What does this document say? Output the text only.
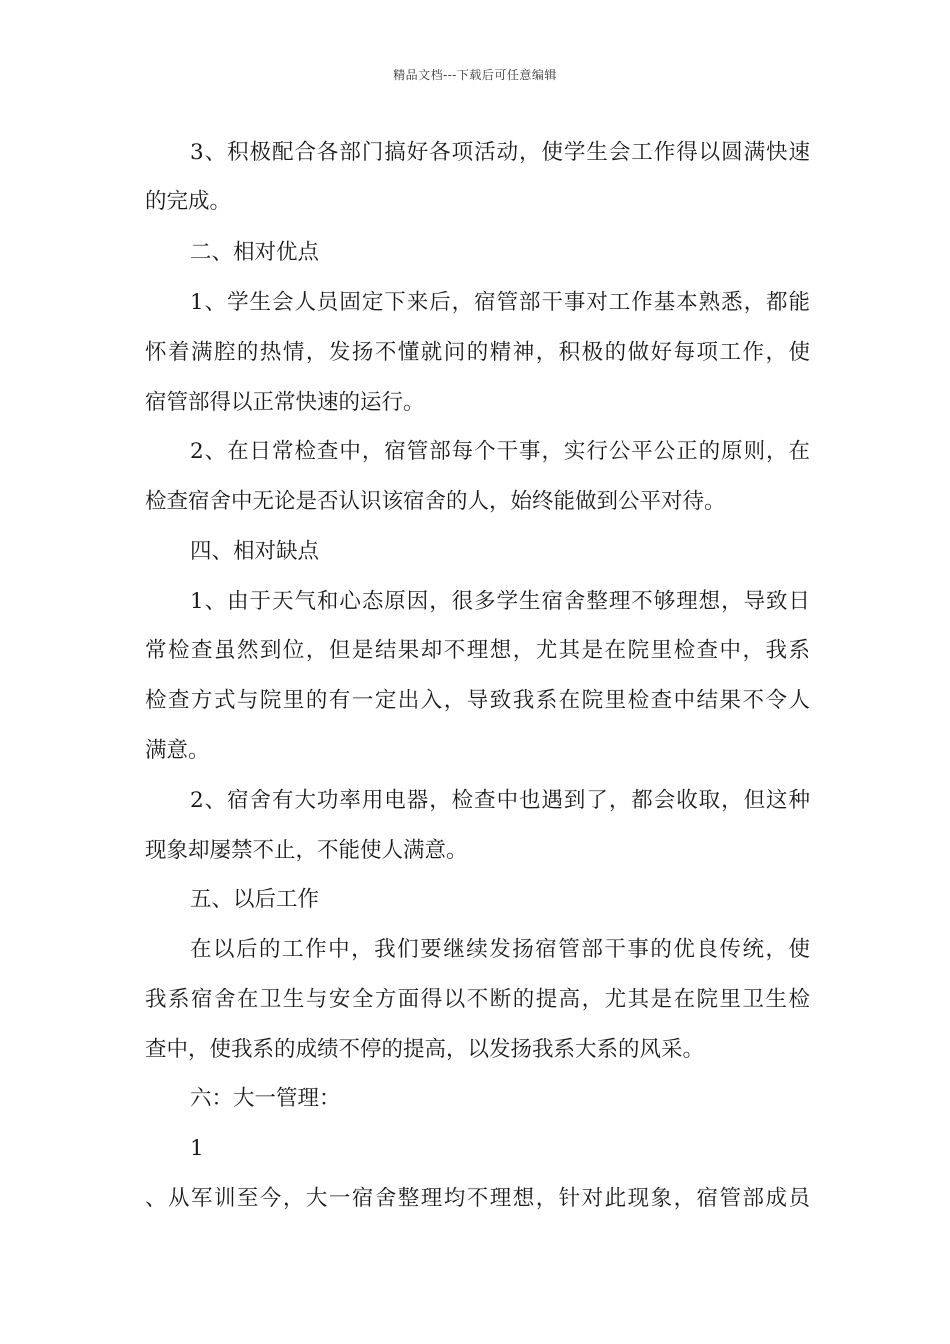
精品文档---下载后可任意编辑
3、积极配合各部门搞好各项活动，使学生会工作得以圆满快速
的完成。
二、相对优点
1、学生会人员固定下来后，宿管部干事对工作基本熟悉，都能
怀着满腔的热情，发扬不懂就问的精神，积极的做好每项工作，使
宿管部得以正常快速的运行。
2、在日常检查中，宿管部每个干事，实行公平公正的原则，在
检查宿舍中无论是否认识该宿舍的人，始终能做到公平对待。
四、相对缺点
1、由于天气和心态原因，很多学生宿舍整理不够理想，导致日
常检查虽然到位，但是结果却不理想，尤其是在院里检查中，我系
检查方式与院里的有一定出入，导致我系在院里检查中结果不令人
满意。
2、宿舍有大功率用电器，检查中也遇到了，都会收取，但这种
现象却屡禁不止，不能使人满意。
五、以后工作
在以后的工作中，我们要继续发扬宿管部干事的优良传统，使
我系宿舍在卫生与安全方面得以不断的提高，尤其是在院里卫生检
查中，使我系的成绩不停的提高，以发扬我系大系的风采。
六：大一管理：
1
、从军训至今，大一宿舍整理均不理想，针对此现象，宿管部成员
